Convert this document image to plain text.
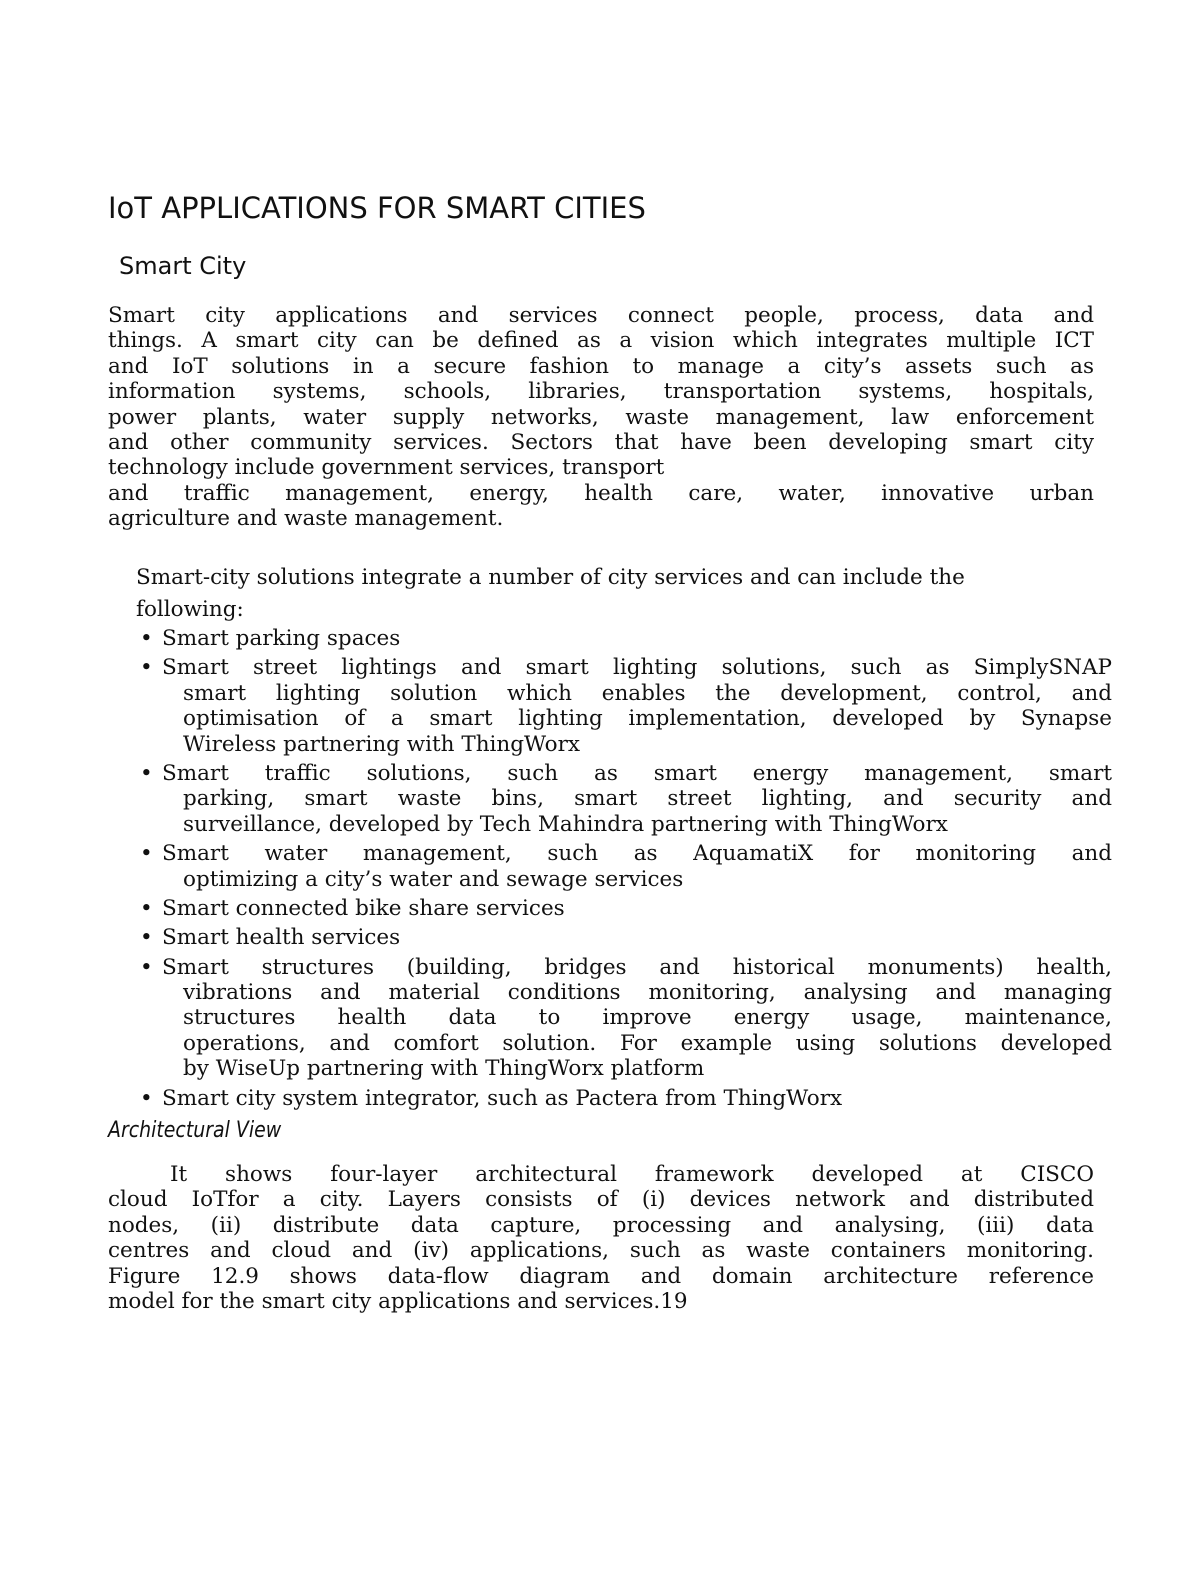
IoT APPLICATIONS FOR SMART CITIES
Smart City
Smart city applications and services connect people, process, data and
things. A smart city can be defined as a vision which integrates multiple ICT
and IoT solutions in a secure fashion to manage a city’s assets such as
information systems, schools, libraries, transportation systems, hospitals,
power plants, water supply networks, waste management, law enforcement
and other community services. Sectors that have been developing smart city
technology include government services, transport
and traffic management, energy, health care, water, innovative urban
agriculture and waste management.
Smart-city solutions integrate a number of city services and can include the
following:
• Smart parking spaces
• Smart street lightings and smart lighting solutions, such as SimplySNAP
smart lighting solution which enables the development, control, and
optimisation of a smart lighting implementation, developed by Synapse
Wireless partnering with ThingWorx
• Smart traffic solutions, such as smart energy management, smart
parking, smart waste bins, smart street lighting, and security and
surveillance, developed by Tech Mahindra partnering with ThingWorx
• Smart water management, such as AquamatiX for monitoring and
optimizing a city’s water and sewage services
• Smart connected bike share services
• Smart health services
• Smart structures (building, bridges and historical monuments) health,
vibrations and material conditions monitoring, analysing and managing
structures health data to improve energy usage, maintenance,
operations, and comfort solution. For example using solutions developed
by WiseUp partnering with ThingWorx platform
• Smart city system integrator, such as Pactera from ThingWorx
Architectural View
It shows four-layer architectural framework developed at CISCO
cloud IoTfor a city. Layers consists of (i) devices network and distributed
nodes, (ii) distribute data capture, processing and analysing, (iii) data
centres and cloud and (iv) applications, such as waste containers monitoring.
Figure 12.9 shows data-flow diagram and domain architecture reference
model for the smart city applications and services.19
